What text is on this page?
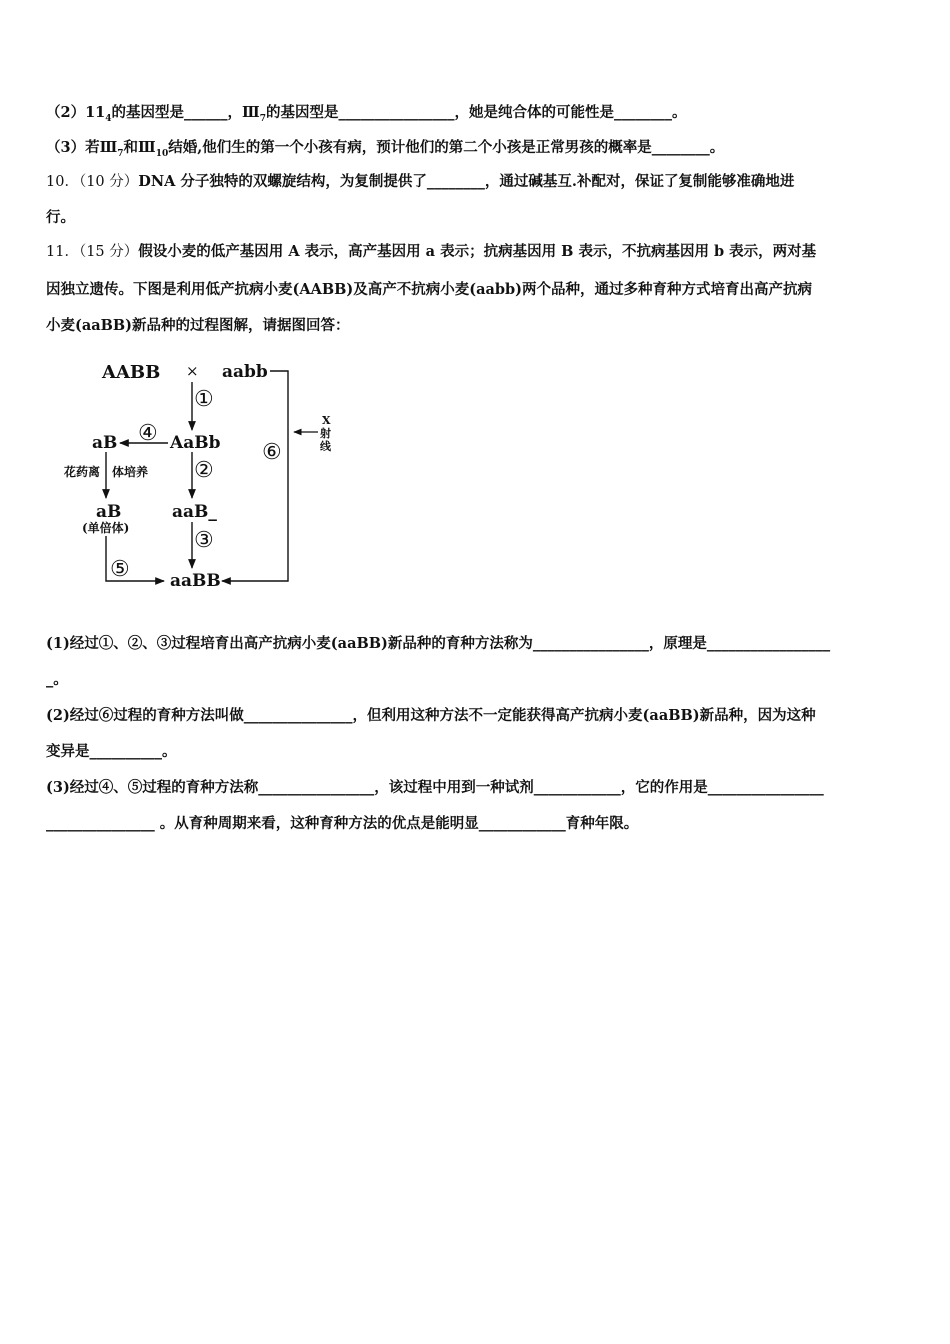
$(2)11_4$的基因型是______，$Ⅲ_7$的基因型是________________，她是纯合体的可能性是________。
（3）若$Ⅲ_7$和$Ⅲ_{10}$结婚,他们生的第一个小孩有病，预计他们的第二个小孩是正常男孩的概率是________。
10．（10 分）DNA 分子独特的双螺旋结构，为复制提供了________，通过碱基互.补配对，保证了复制能够准确地进
行。
11．（15 分）假设小麦的低产基因用 A 表示，高产基因用 a 表示；抗病基因用 B 表示，不抗病基因用 b 表示，两对基
因独立遗传。下图是利用低产抗病小麦(AABB)及高产不抗病小麦(aabb)两个品种，通过多种育种方式培育出高产抗病
小麦(aaBB)新品种的过程图解，请据图回答：
AABB × aabb
AaBb
aB
花药离 体培养
aB
(单倍体)
aaB_
aaBB
X
射
线
①
②
③
④
⑤
⑥
(1)经过①、②、③过程培育出高产抗病小麦(aaBB)新品种的育种方法称为________________，原理是_________________
_。
(2)经过⑥过程的育种方法叫做_______________，但利用这种方法不一定能获得高产抗病小麦(aaBB)新品种，因为这种
变异是__________。
(3)经过④、⑤过程的育种方法称________________，该过程中用到一种试剂____________，它的作用是________________
_______________ 。从育种周期来看，这种育种方法的优点是能明显____________育种年限。
